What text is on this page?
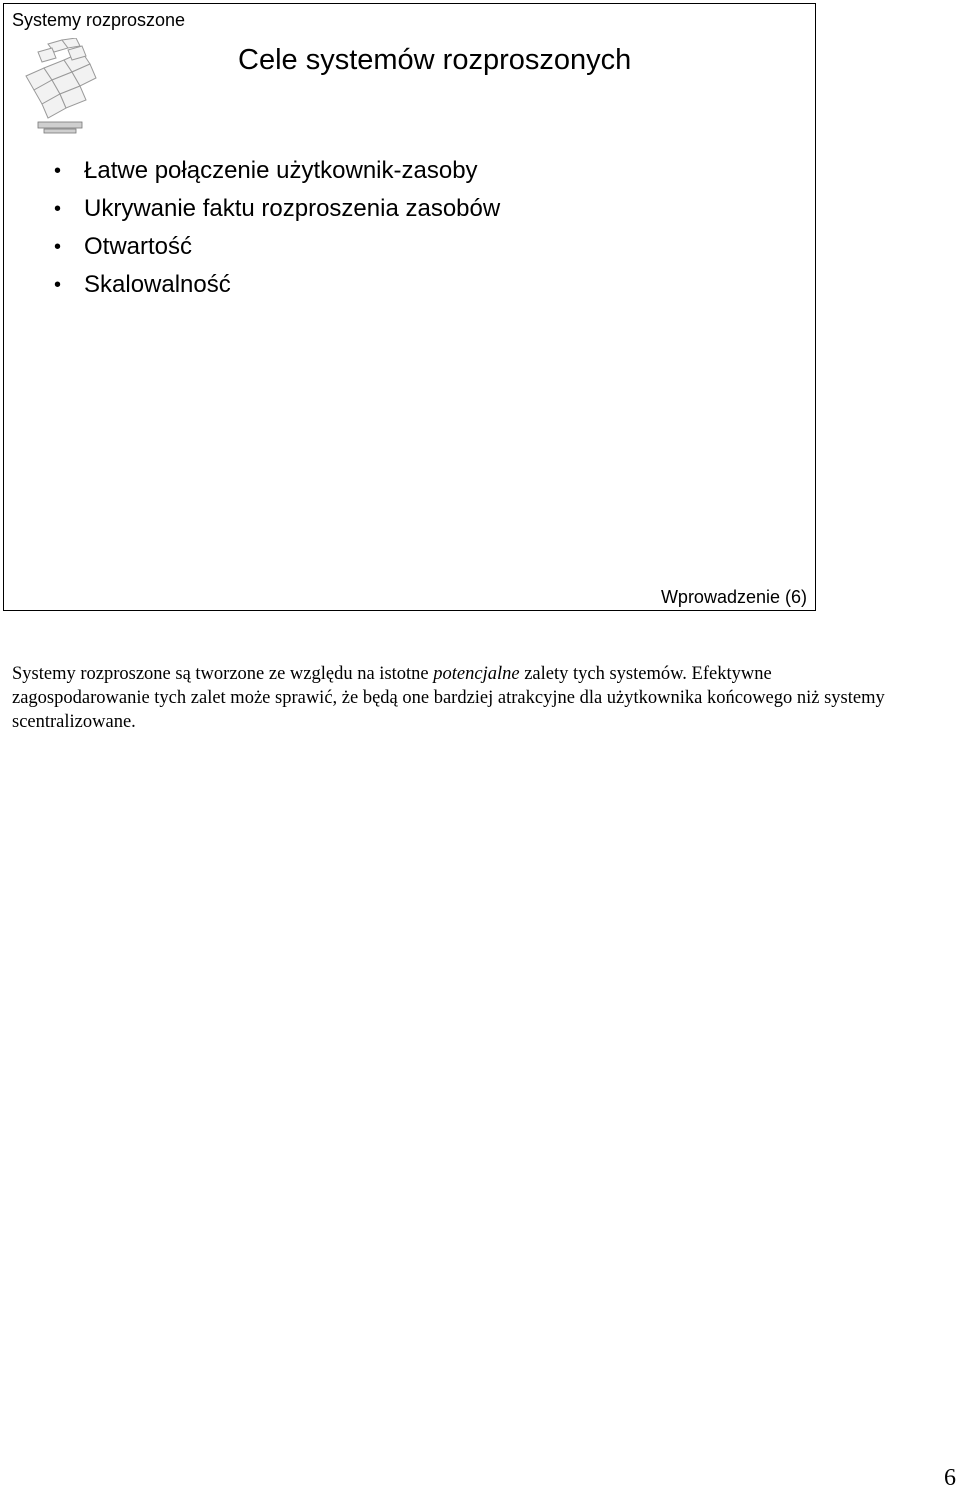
Systemy rozproszone
Cele systemów rozproszonych
• Łatwe połączenie użytkownik-zasoby
• Ukrywanie faktu rozproszenia zasobów
• Otwartość
• Skalowalność
Wprowadzenie (6)

Systemy rozproszone są tworzone ze względu na istotne potencjalne zalety tych systemów. Efektywne zagospodarowanie tych zalet może sprawić, że będą one bardziej atrakcyjne dla użytkownika końcowego niż systemy scentralizowane.

6
